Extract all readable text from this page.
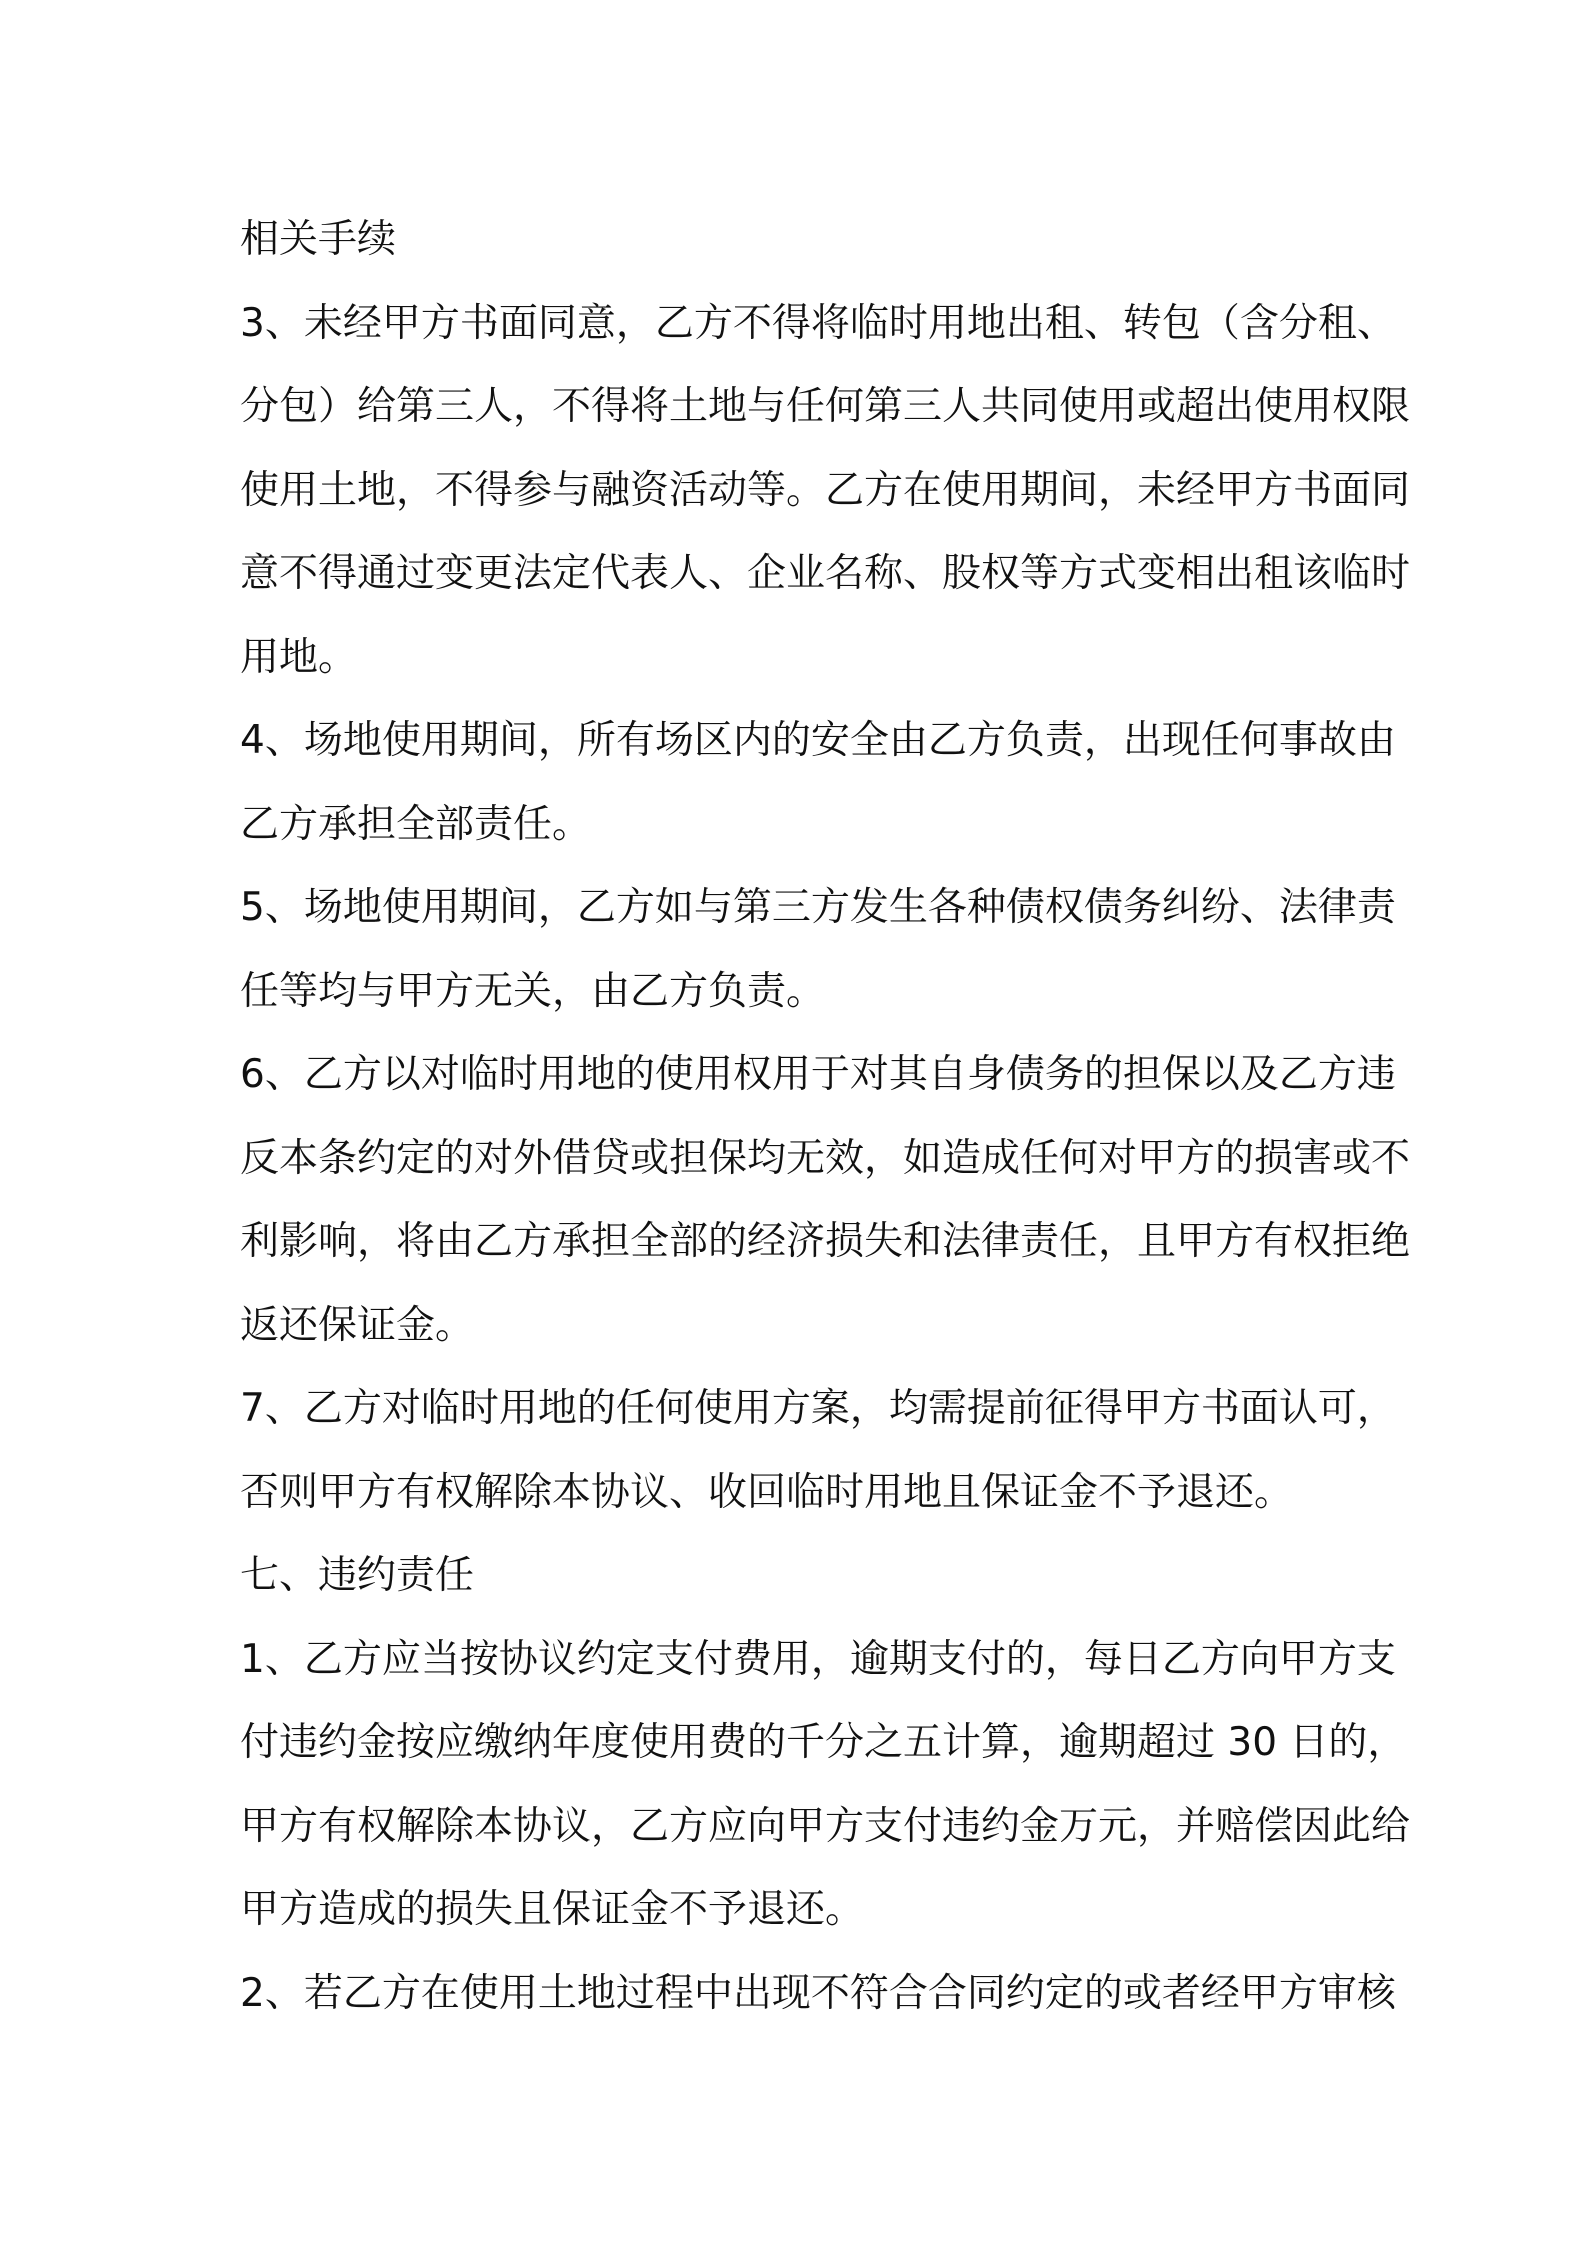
相关手续
3、未经甲方书面同意，乙方不得将临时用地出租、转包（含分租、
分包）给第三人，不得将土地与任何第三人共同使用或超出使用权限
使用土地，不得参与融资活动等。乙方在使用期间，未经甲方书面同
意不得通过变更法定代表人、企业名称、股权等方式变相出租该临时
用地。
4、场地使用期间，所有场区内的安全由乙方负责，出现任何事故由
乙方承担全部责任。
5、场地使用期间，乙方如与第三方发生各种债权债务纠纷、法律责
任等均与甲方无关，由乙方负责。
6、乙方以对临时用地的使用权用于对其自身债务的担保以及乙方违
反本条约定的对外借贷或担保均无效，如造成任何对甲方的损害或不
利影响，将由乙方承担全部的经济损失和法律责任，且甲方有权拒绝
返还保证金。
7、乙方对临时用地的任何使用方案，均需提前征得甲方书面认可，
否则甲方有权解除本协议、收回临时用地且保证金不予退还。
七、违约责任
1、乙方应当按协议约定支付费用，逾期支付的，每日乙方向甲方支
付违约金按应缴纳年度使用费的千分之五计算，逾期超过 30 日的，
甲方有权解除本协议，乙方应向甲方支付违约金万元，并赔偿因此给
甲方造成的损失且保证金不予退还。
2、若乙方在使用土地过程中出现不符合合同约定的或者经甲方审核
